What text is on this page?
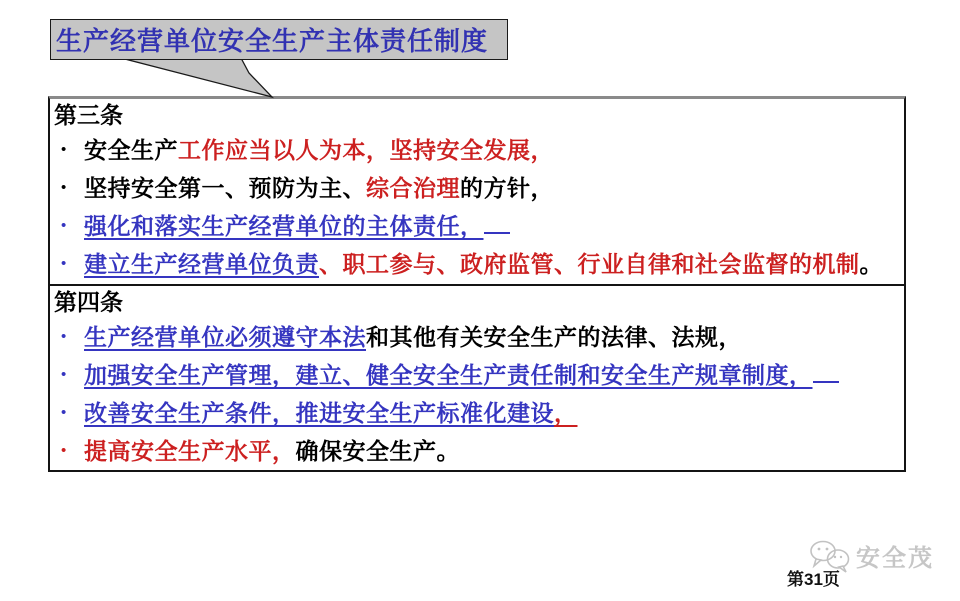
生产经营单位安全生产主体责任制度
第三条
• 安全生产工作应当以人为本，坚持安全发展，
• 坚持安全第一、预防为主、综合治理的方针，
• 强化和落实生产经营单位的主体责任，
• 建立生产经营单位负责、职工参与、政府监管、行业自律和社会监督的机制。
第四条
• 生产经营单位必须遵守本法和其他有关安全生产的法律、法规，
• 加强安全生产管理，建立、健全安全生产责任制和安全生产规章制度，
• 改善安全生产条件，推进安全生产标准化建设，
• 提高安全生产水平，确保安全生产。
安全茂
第31页
